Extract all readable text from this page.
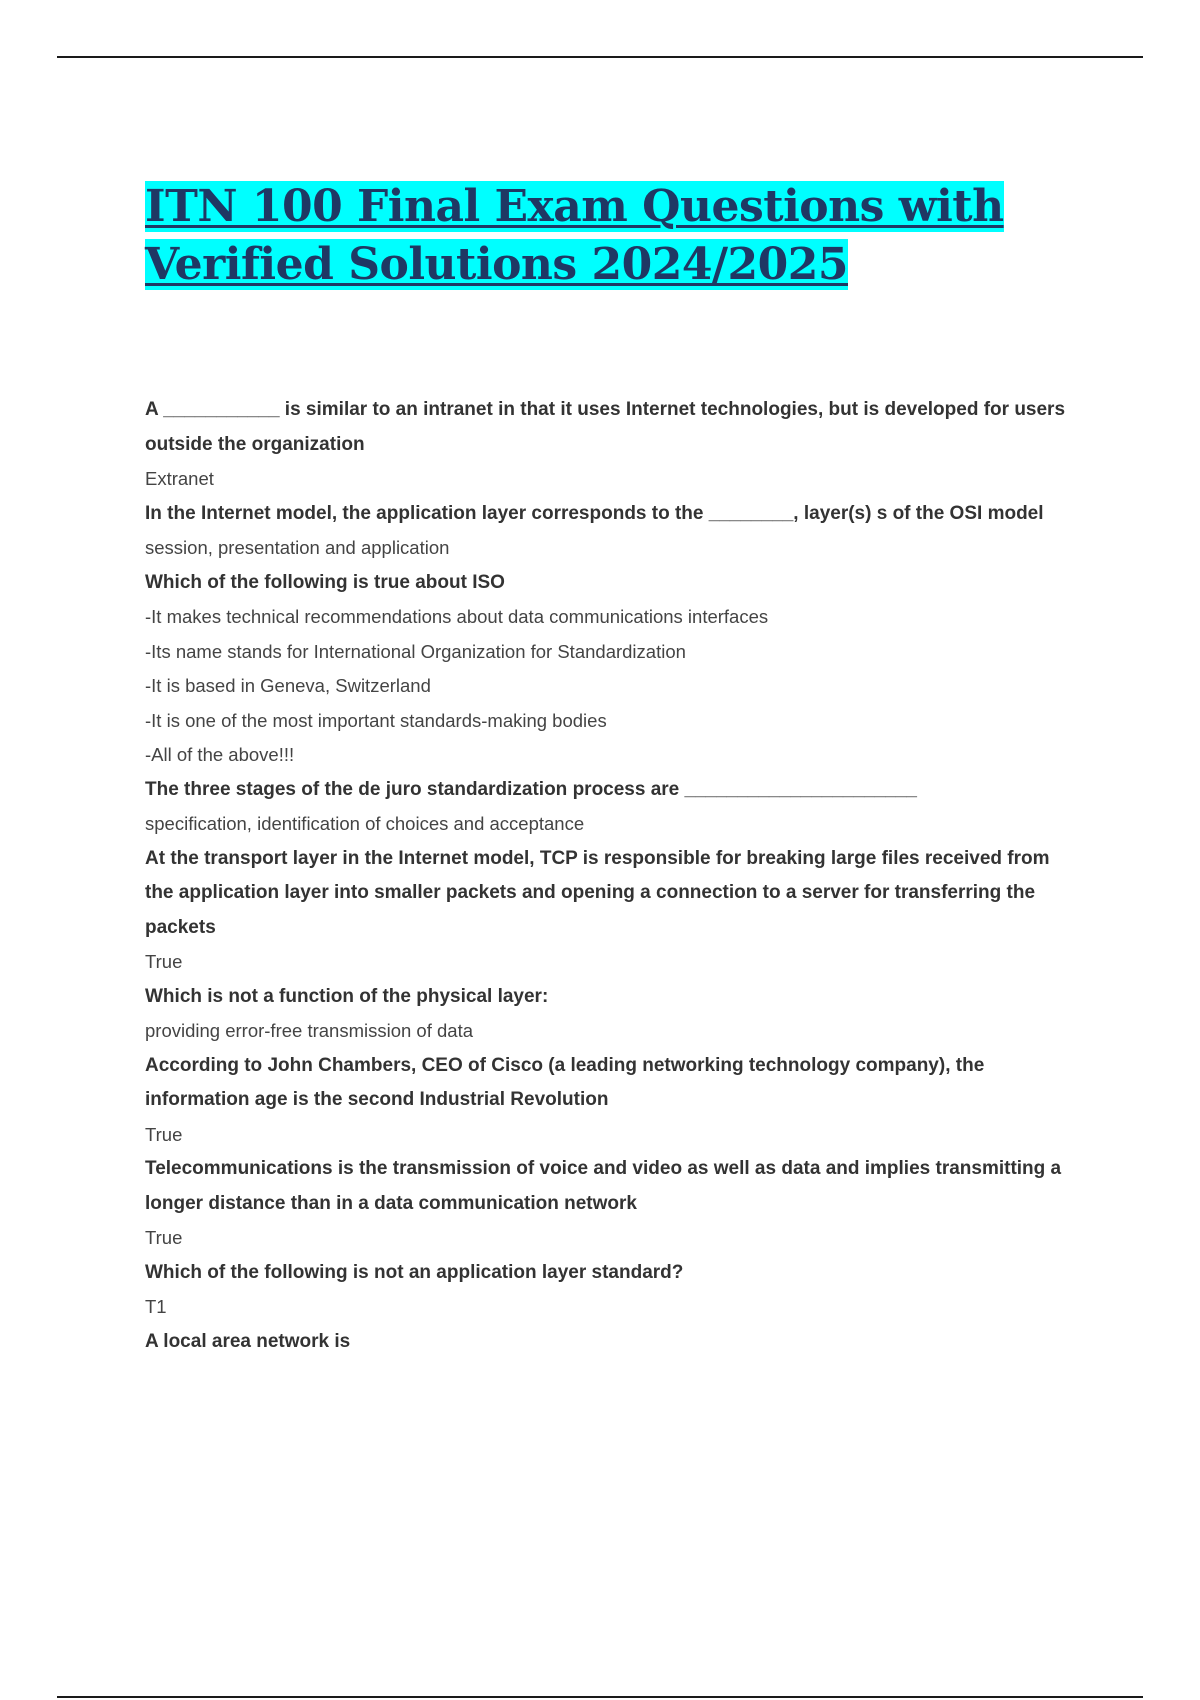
ITN 100 Final Exam Questions with
Verified Solutions 2024/2025
A ___________ is similar to an intranet in that it uses Internet technologies, but is developed for users outside the organization
Extranet
In the Internet model, the application layer corresponds to the ________, layer(s) s of the OSI model
session, presentation and application
Which of the following is true about ISO
-It makes technical recommendations about data communications interfaces
-Its name stands for International Organization for Standardization
-It is based in Geneva, Switzerland
-It is one of the most important standards-making bodies
-All of the above!!!
The three stages of the de juro standardization process are ______________________
specification, identification of choices and acceptance
At the transport layer in the Internet model, TCP is responsible for breaking large files received from the application layer into smaller packets and opening a connection to a server for transferring the packets
True
Which is not a function of the physical layer:
providing error-free transmission of data
According to John Chambers, CEO of Cisco (a leading networking technology company), the information age is the second Industrial Revolution
True
Telecommunications is the transmission of voice and video as well as data and implies transmitting a longer distance than in a data communication network
True
Which of the following is not an application layer standard?
T1
A local area network is
